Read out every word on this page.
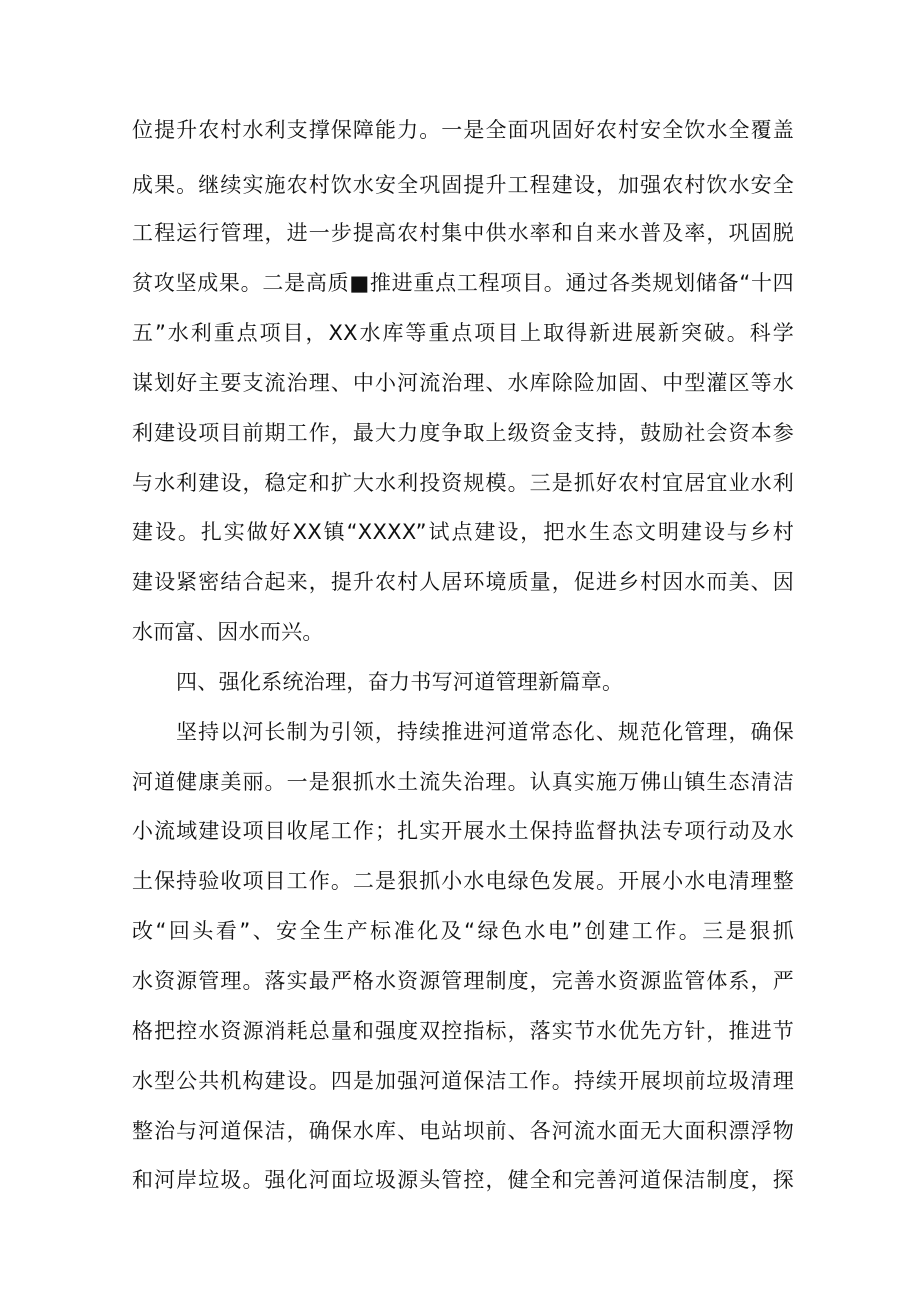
位提升农村水利支撑保障能力。一是全面巩固好农村安全饮水全覆盖
成果。继续实施农村饮水安全巩固提升工程建设，加强农村饮水安全
工程运行管理，进一步提高农村集中供水率和自来水普及率，巩固脱
贫攻坚成果。二是高质■推进重点工程项目。通过各类规划储备“十四
五”水利重点项目，XX水库等重点项目上取得新进展新突破。科学
谋划好主要支流治理、中小河流治理、水库除险加固、中型灌区等水
利建设项目前期工作，最大力度争取上级资金支持，鼓励社会资本参
与水利建设，稳定和扩大水利投资规模。三是抓好农村宜居宜业水利
建设。扎实做好XX镇“XXXX”试点建设，把水生态文明建设与乡村
建设紧密结合起来，提升农村人居环境质量，促进乡村因水而美、因
水而富、因水而兴。
四、强化系统治理，奋力书写河道管理新篇章。
坚持以河长制为引领，持续推进河道常态化、规范化管理，确保
河道健康美丽。一是狠抓水土流失治理。认真实施万佛山镇生态清洁
小流域建设项目收尾工作；扎实开展水土保持监督执法专项行动及水
土保持验收项目工作。二是狠抓小水电绿色发展。开展小水电清理整
改“回头看”、安全生产标准化及“绿色水电”创建工作。三是狠抓
水资源管理。落实最严格水资源管理制度，完善水资源监管体系，严
格把控水资源消耗总量和强度双控指标，落实节水优先方针，推进节
水型公共机构建设。四是加强河道保洁工作。持续开展坝前垃圾清理
整治与河道保洁，确保水库、电站坝前、各河流水面无大面积漂浮物
和河岸垃圾。强化河面垃圾源头管控，健全和完善河道保洁制度，探
